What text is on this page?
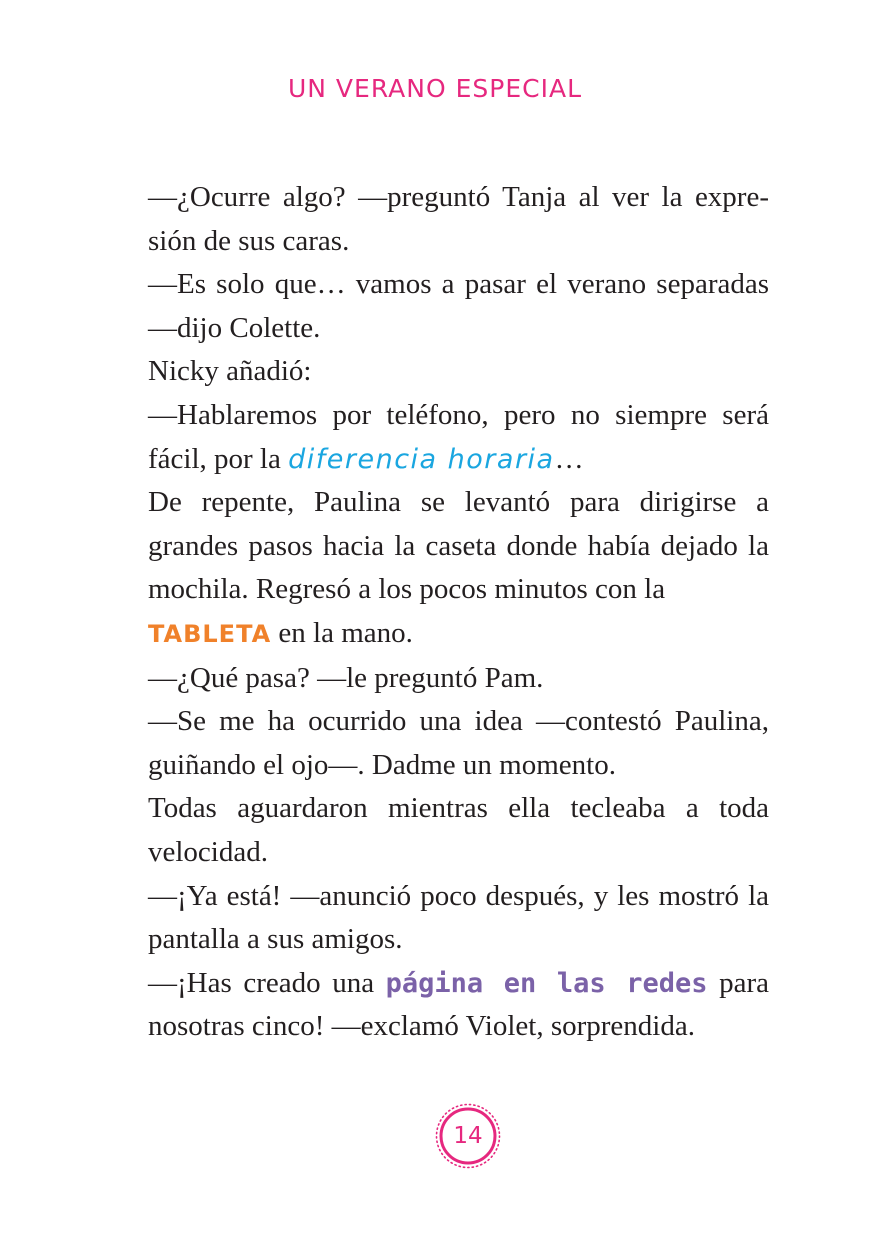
UN VERANO ESPECIAL

—¿Ocurre algo? —preguntó Tanja al ver la expre-sión de sus caras.

—Es solo que… vamos a pasar el verano separadas —dijo Colette.

Nicky añadió:

—Hablaremos por teléfono, pero no siempre será fácil, por la diferencia horaria…

De repente, Paulina se levantó para dirigirse a grandes pasos hacia la caseta donde había dejado la mochila. Regresó a los pocos minutos con la

TABLETA en la mano.

—¿Qué pasa? —le preguntó Pam.

—Se me ha ocurrido una idea —contestó Paulina, guiñando el ojo—. Dadme un momento.

Todas aguardaron mientras ella tecleaba a toda velocidad.

—¡Ya está! —anunció poco después, y les mostró la pantalla a sus amigos.

—¡Has creado una página en las redes para nosotras cinco! —exclamó Violet, sorprendida.

14
